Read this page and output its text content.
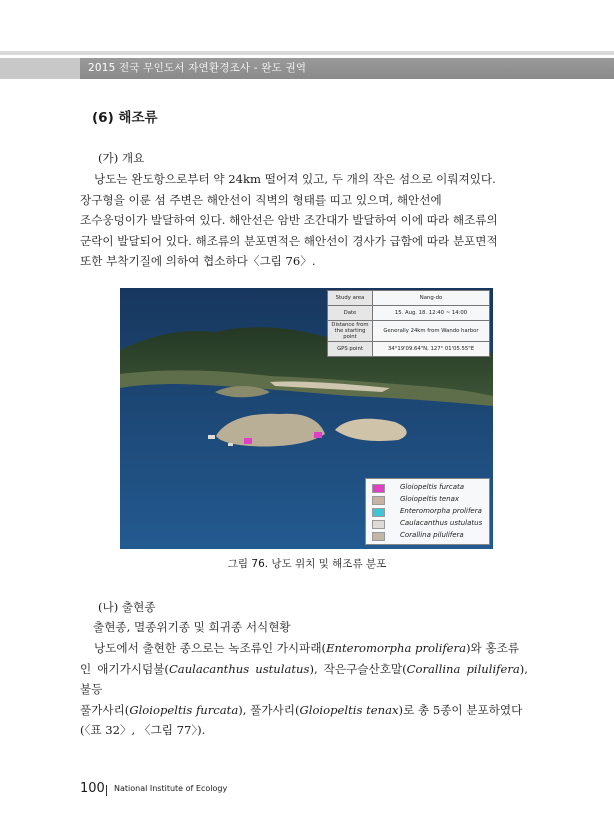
2015 전국 무인도서 자연환경조사 - 완도 권역
(6) 해조류
(가) 개요
낭도는 완도항으로부터 약 24km 떨어져 있고, 두 개의 작은 섬으로 이뤄져있다.
장구형을 이룬 섬 주변은 해안선이 직벽의 형태를 띠고 있으며, 해안선에
조수웅덩이가 발달하여 있다. 해안선은 암반 조간대가 발달하여 이에 따라 해조류의
군락이 발달되어 있다. 해조류의 분포면적은 해안선이 경사가 급함에 따라 분포면적
또한 부착기질에 의하여 협소하다〈그림 76〉.
Study area	Nang-do
Date	15. Aug. 18. 12:40 ~ 14:00
Distance from the starting point	Generally 24km from Wando harbor
GPS point	34°19'09.64"N, 127° 01'05.55"E
Gloiopeltis furcata
Gloiopeltis tenax
Enteromorpha prolifera
Caulacanthus ustulatus
Corallina pilulifera
그림 76. 낭도 위치 및 해조류 분포
(나) 출현종
출현종, 멸종위기종 및 희귀종 서식현황
낭도에서 출현한 종으로는 녹조류인 가시파래(Enteromorpha prolifera)와 홍조류
인 애기가시덤불(Caulacanthus ustulatus), 작은구슬산호말(Corallina pilulifera), 불등
풀가사리(Gloiopeltis furcata), 풀가사리(Gloiopeltis tenax)로 총 5종이 분포하였다
(〈표 32〉, 〈그림 77〉).
100 National Institute of Ecology
